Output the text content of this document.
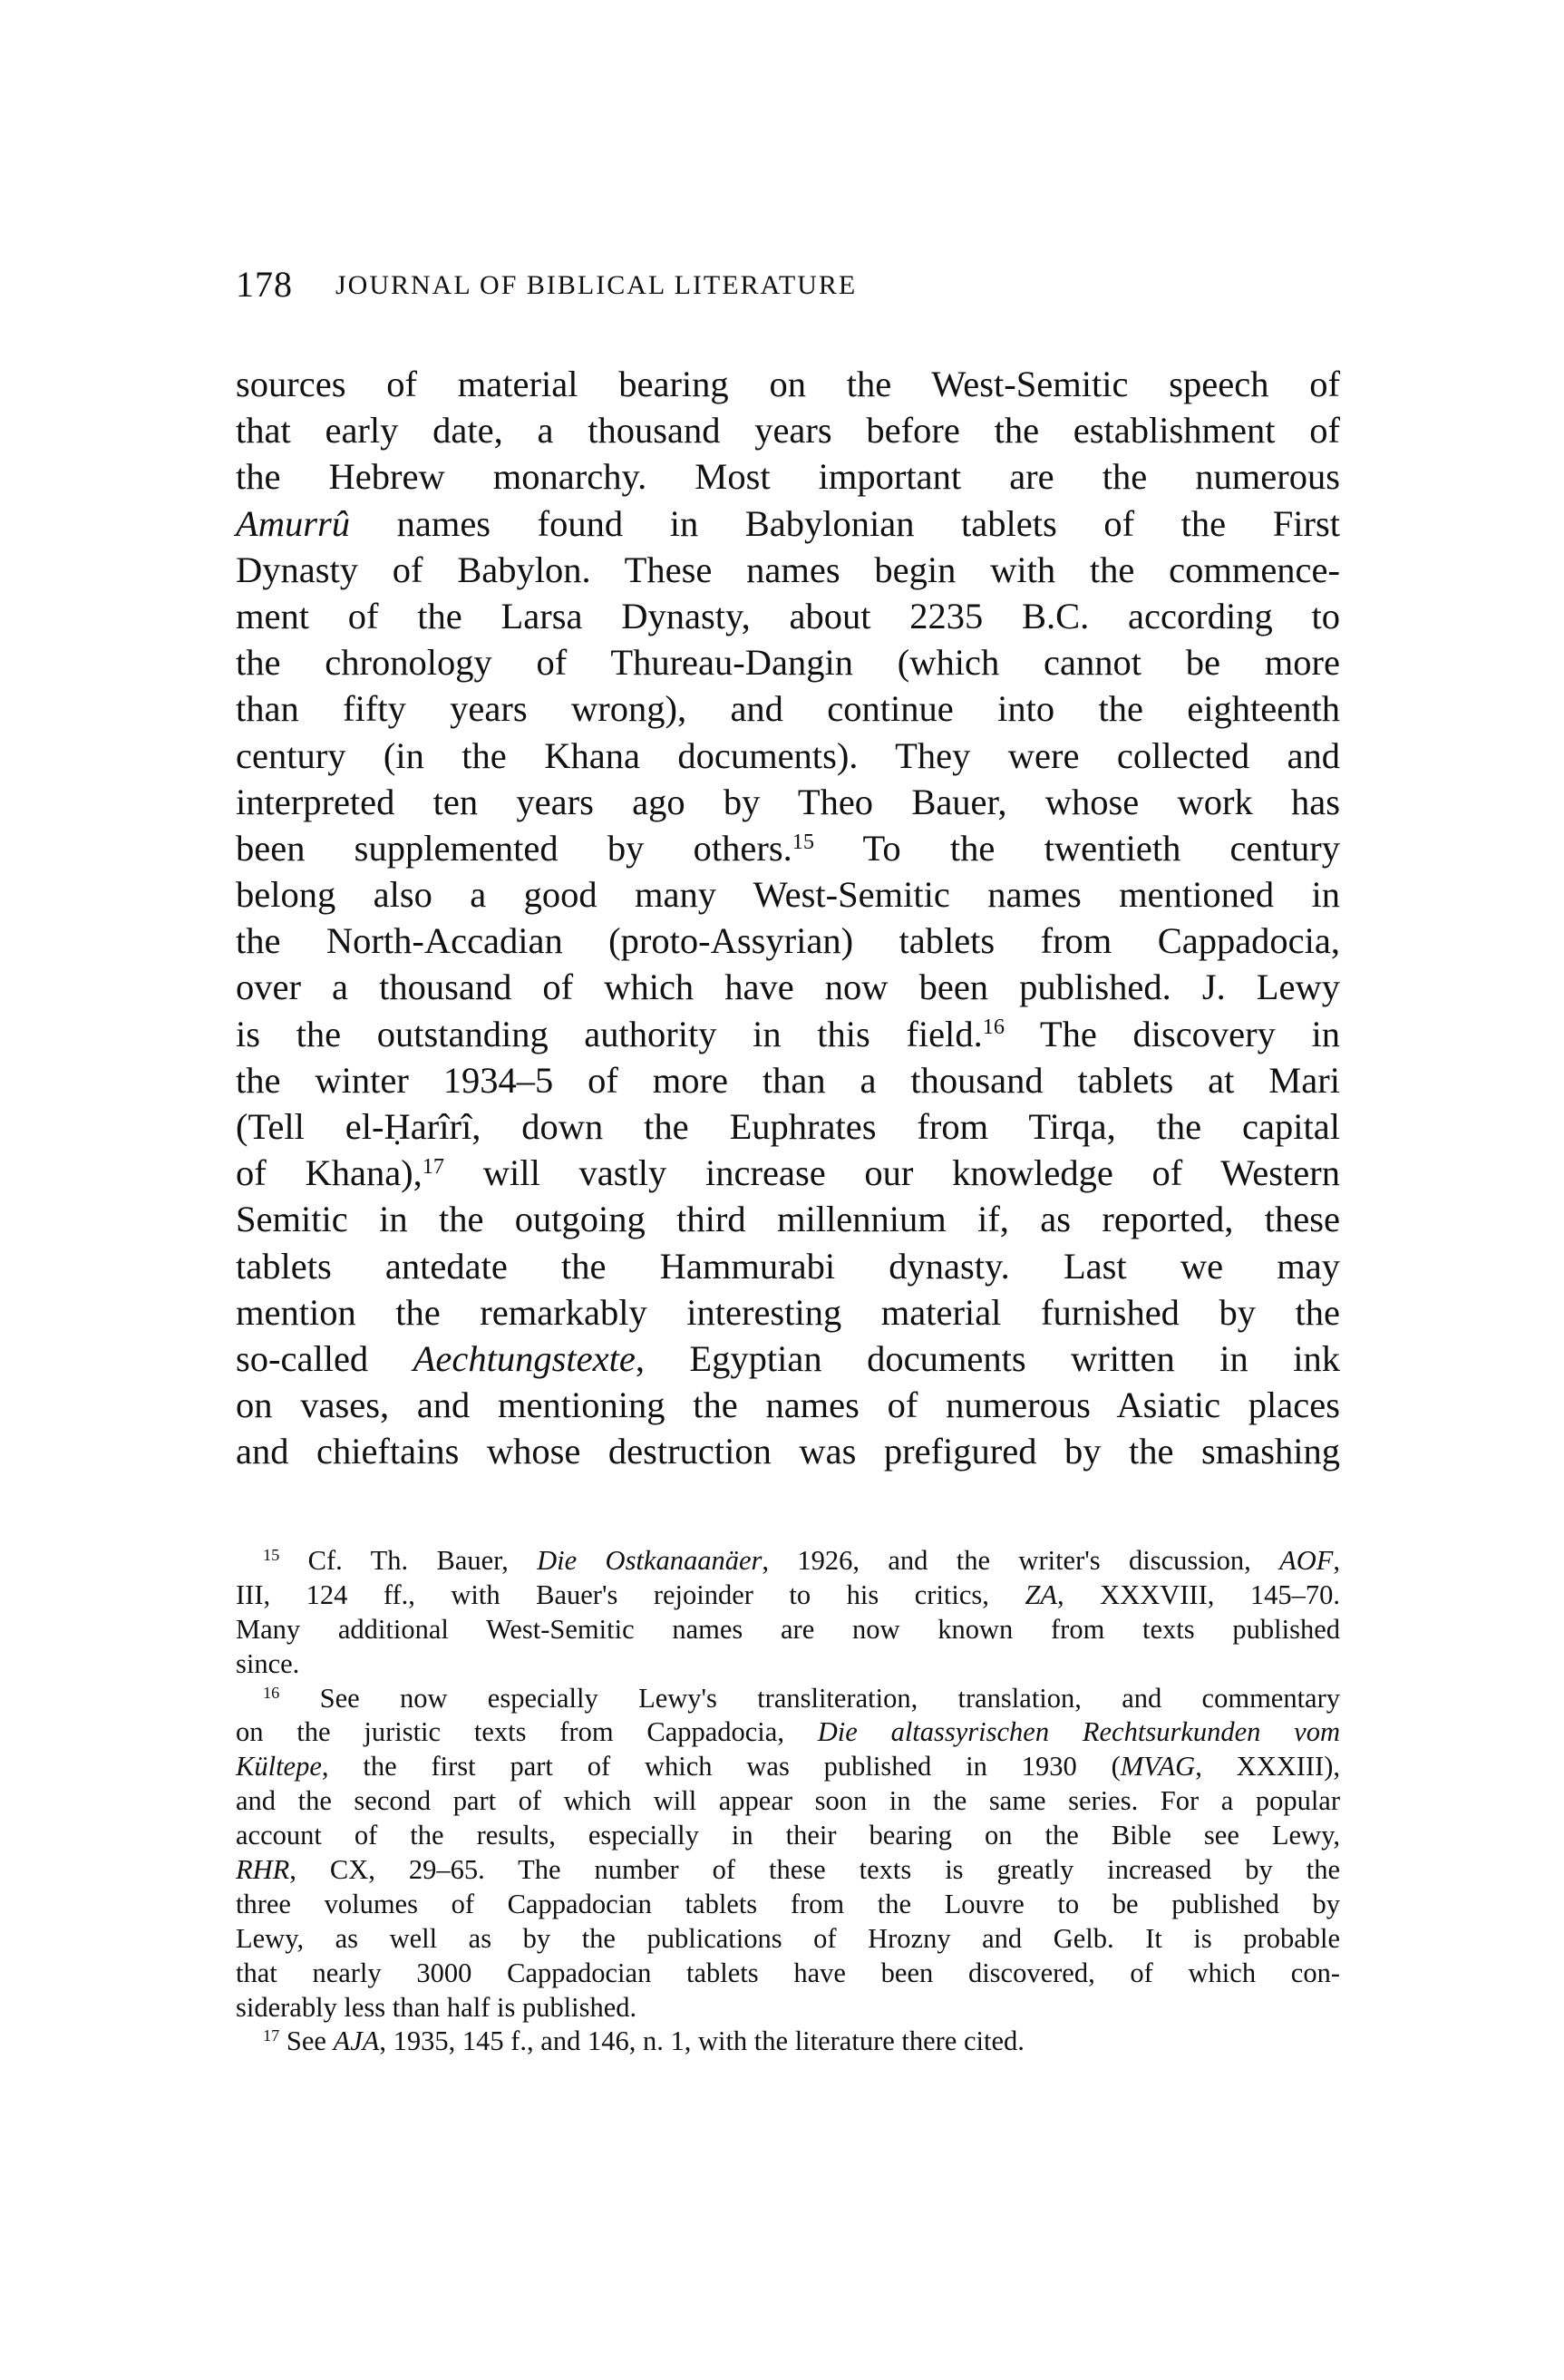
178 JOURNAL OF BIBLICAL LITERATURE
sources of material bearing on the West-Semitic speech of
that early date, a thousand years before the establishment of
the Hebrew monarchy. Most important are the numerous
Amurrû names found in Babylonian tablets of the First
Dynasty of Babylon. These names begin with the commence-
ment of the Larsa Dynasty, about 2235 B.C. according to
the chronology of Thureau-Dangin (which cannot be more
than fifty years wrong), and continue into the eighteenth
century (in the Khana documents). They were collected and
interpreted ten years ago by Theo Bauer, whose work has
been supplemented by others.$^{15}$ To the twentieth century
belong also a good many West-Semitic names mentioned in
the North-Accadian (proto-Assyrian) tablets from Cappadocia,
over a thousand of which have now been published. J. Lewy
is the outstanding authority in this field.$^{16}$ The discovery in
the winter 1934–5 of more than a thousand tablets at Mari
(Tell el-Ḥarîrî, down the Euphrates from Tirqa, the capital
of Khana),$^{17}$ will vastly increase our knowledge of Western
Semitic in the outgoing third millennium if, as reported, these
tablets antedate the Hammurabi dynasty. Last we may
mention the remarkably interesting material furnished by the
so-called Aechtungstexte, Egyptian documents written in ink
on vases, and mentioning the names of numerous Asiatic places
and chieftains whose destruction was prefigured by the smashing
$^{15}$ Cf. Th. Bauer, Die Ostkanaanäer, 1926, and the writer's discussion, AOF,
III, 124 ff., with Bauer's rejoinder to his critics, ZA, XXXVIII, 145–70.
Many additional West-Semitic names are now known from texts published
since.
$^{16}$ See now especially Lewy's transliteration, translation, and commentary
on the juristic texts from Cappadocia, Die altassyrischen Rechtsurkunden vom
Kültepe, the first part of which was published in 1930 (MVAG, XXXIII),
and the second part of which will appear soon in the same series. For a popular
account of the results, especially in their bearing on the Bible see Lewy,
RHR, CX, 29–65. The number of these texts is greatly increased by the
three volumes of Cappadocian tablets from the Louvre to be published by
Lewy, as well as by the publications of Hrozny and Gelb. It is probable
that nearly 3000 Cappadocian tablets have been discovered, of which con-
siderably less than half is published.
$^{17}$ See AJA, 1935, 145 f., and 146, n. 1, with the literature there cited.
